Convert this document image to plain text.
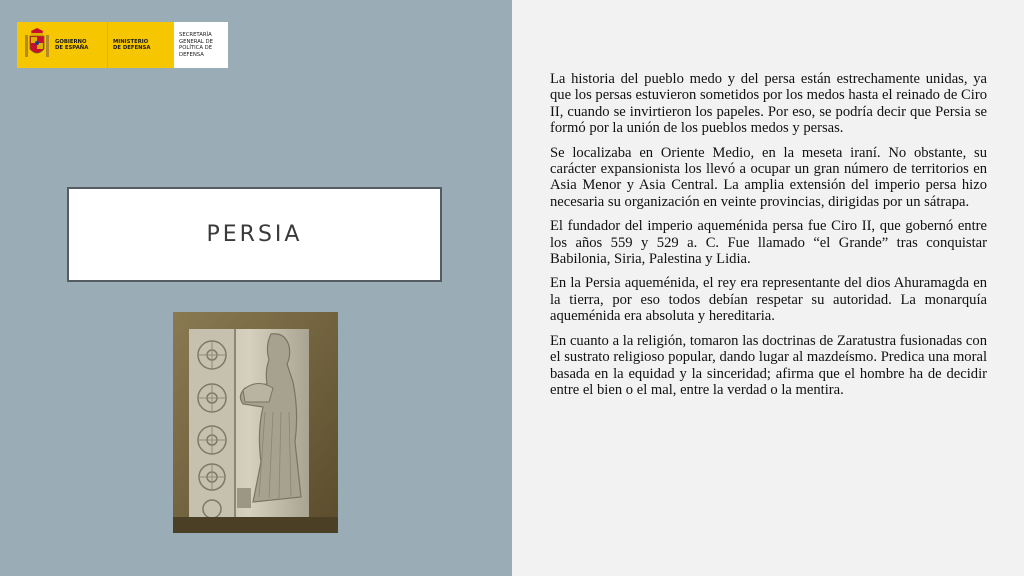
GOBIERNO
DE ESPAÑA
MINISTERIO
DE DEFENSA
SECRETARÍA GENERAL DE
POLÍTICA DE DEFENSA
PERSIA

La historia del pueblo medo y del persa están estrechamente unidas, ya que los persas estuvieron sometidos por los medos hasta el reinado de Ciro II, cuando se invirtieron los papeles. Por eso, se podría decir que Persia se formó por la unión de los pueblos medos y persas.

Se localizaba en Oriente Medio, en la meseta iraní. No obstante, su carácter expansionista los llevó a ocupar un gran número de territorios en Asia Menor y Asia Central. La amplia extensión del imperio persa hizo necesaria su organización en veinte provincias, dirigidas por un sátrapa.

El fundador del imperio aqueménida persa fue Ciro II, que gobernó entre los años 559 y 529 a. C. Fue llamado “el Grande” tras conquistar Babilonia, Siria, Palestina y Lidia.

En la Persia aqueménida, el rey era representante del dios Ahuramagda en la tierra, por eso todos debían respetar su autoridad. La monarquía aqueménida era absoluta y hereditaria.

En cuanto a la religión, tomaron las doctrinas de Zaratustra fusionadas con el sustrato religioso popular, dando lugar al mazdeísmo. Predica una moral basada en la equidad y la sinceridad; afirma que el hombre ha de decidir entre el bien o el mal, entre la verdad o la mentira.
